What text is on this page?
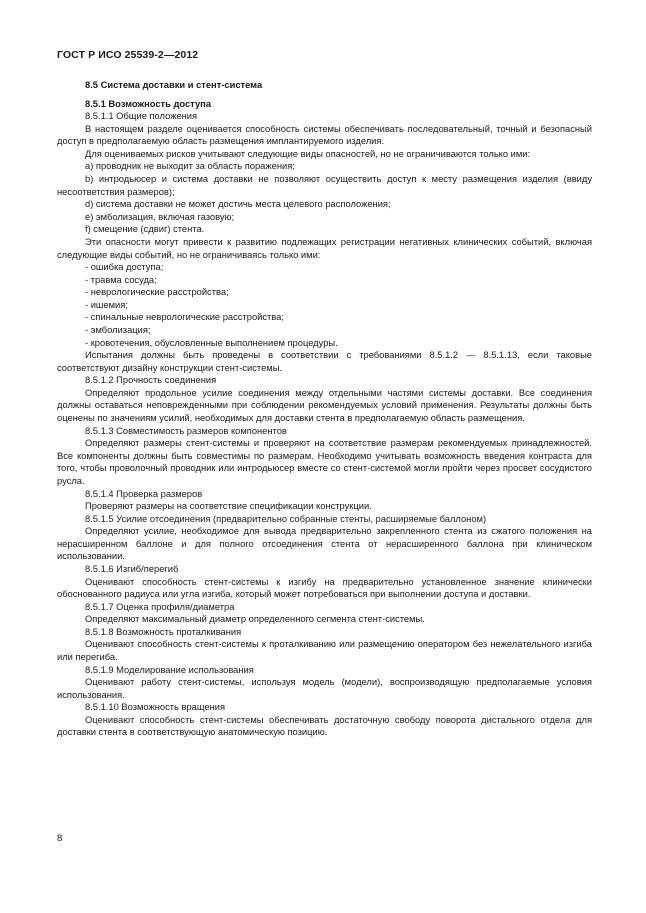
ГОСТ Р ИСО 25539-2—2012

8.5 Система доставки и стент-система

8.5.1 Возможность доступа

8.5.1.1 Общие положения

В настоящем разделе оценивается способность системы обеспечивать последовательный, точный и безопасный доступ в предполагаемую область размещения имплантируемого изделия.

Для оцениваемых рисков учитывают следующие виды опасностей, но не ограничиваются только ими:

a) проводник не выходит за область поражения;

b) интродьюсер и система доставки не позволяют осуществить доступ к месту размещения изделия (ввиду несоответствия размеров);

d) система доставки не может достичь места целевого расположения;

e) эмболизация, включая газовую;

f) смещение (сдвиг) стента.

Эти опасности могут привести к развитию подлежащих регистрации негативных клинических событий, включая следующие виды событий, но не ограничиваясь только ими:

- ошибка доступа;

- травма сосуда;

- неврологические расстройства;

- ишемия;

- спинальные неврологические расстройства;

- эмболизация;

- кровотечения, обусловленные выполнением процедуры.

Испытания должны быть проведены в соответствии с требованиями 8.5.1.2 — 8.5.1.13, если таковые соответствуют дизайну конструкции стент-системы.

8.5.1.2 Прочность соединения

Определяют продольное усилие соединения между отдельными частями системы доставки. Все соединения должны оставаться неповрежденными при соблюдении рекомендуемых условий применения. Результаты должны быть оценены по значениям усилий, необходимых для доставки стента в предполагаемую область размещения.

8.5.1.3 Совместимость размеров компонентов

Определяют размеры стент-системы и проверяют на соответствие размерам рекомендуемых принадлежностей. Все компоненты должны быть совместимы по размерам. Необходимо учитывать возможность введения контраста для того, чтобы проволочный проводник или интродьюсер вместе со стент-системой могли пройти через просвет сосудистого русла.

8.5.1.4 Проверка размеров

Проверяют размеры на соответствие спецификации конструкции.

8.5.1.5 Усилие отсоединения (предварительно собранные стенты, расширяемые баллоном)

Определяют усилие, необходимое для вывода предварительно закрепленного стента из сжатого положения на нерасширенном баллоне и для полного отсоединения стента от нерасширенного баллона при клиническом использовании.

8.5.1.6 Изгиб/перегиб

Оценивают способность стент-системы к изгибу на предварительно установленное значение клинически обоснованного радиуса или угла изгиба, который может потребоваться при выполнении доступа и доставки.

8.5.1.7 Оценка профиля/диаметра

Определяют максимальный диаметр определенного сегмента стент-системы.

8.5.1.8 Возможность проталкивания

Оценивают способность стент-системы к проталкиванию или размещению оператором без нежелательного изгиба или перегиба.

8.5.1.9 Моделирование использования

Оценивают работу стент-системы, используя модель (модели), воспроизводящую предполагаемые условия использования.

8.5.1.10 Возможность вращения

Оценивают способность стент-системы обеспечивать достаточную свободу поворота дистального отдела для доставки стента в соответствующую анатомическую позицию.

8
